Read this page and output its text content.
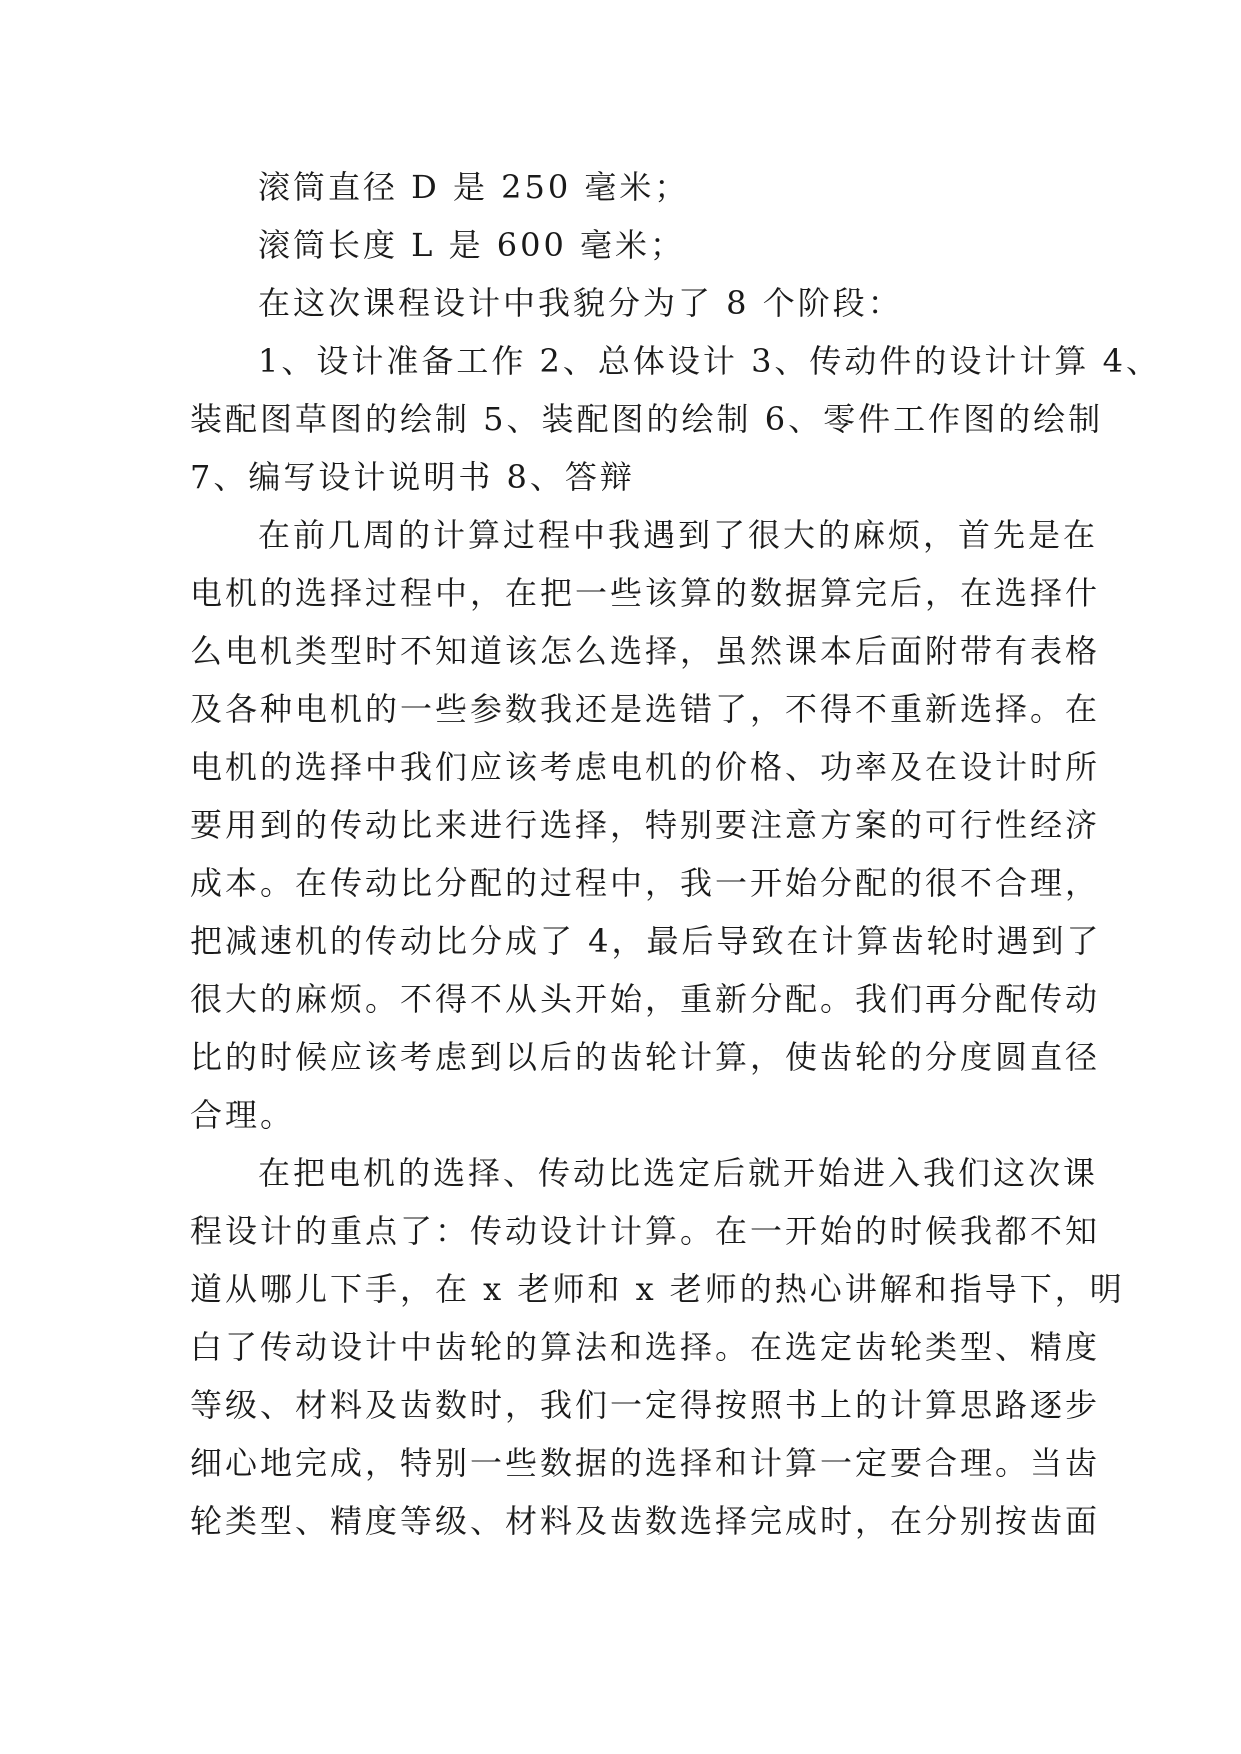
滚筒直径 D 是 250 毫米；

滚筒长度 L 是 600 毫米；

在这次课程设计中我貌分为了 8 个阶段：

1、设计准备工作 2、总体设计 3、传动件的设计计算 4、
装配图草图的绘制 5、装配图的绘制 6、零件工作图的绘制
7、编写设计说明书 8、答辩

在前几周的计算过程中我遇到了很大的麻烦，首先是在
电机的选择过程中，在把一些该算的数据算完后，在选择什
么电机类型时不知道该怎么选择，虽然课本后面附带有表格
及各种电机的一些参数我还是选错了，不得不重新选择。在
电机的选择中我们应该考虑电机的价格、功率及在设计时所
要用到的传动比来进行选择，特别要注意方案的可行性经济
成本。在传动比分配的过程中，我一开始分配的很不合理，
把减速机的传动比分成了 4，最后导致在计算齿轮时遇到了
很大的麻烦。不得不从头开始，重新分配。我们再分配传动
比的时候应该考虑到以后的齿轮计算，使齿轮的分度圆直径
合理。

在把电机的选择、传动比选定后就开始进入我们这次课
程设计的重点了：传动设计计算。在一开始的时候我都不知
道从哪儿下手，在 x 老师和 x 老师的热心讲解和指导下，明
白了传动设计中齿轮的算法和选择。在选定齿轮类型、精度
等级、材料及齿数时，我们一定得按照书上的计算思路逐步
细心地完成，特别一些数据的选择和计算一定要合理。当齿
轮类型、精度等级、材料及齿数选择完成时，在分别按齿面
